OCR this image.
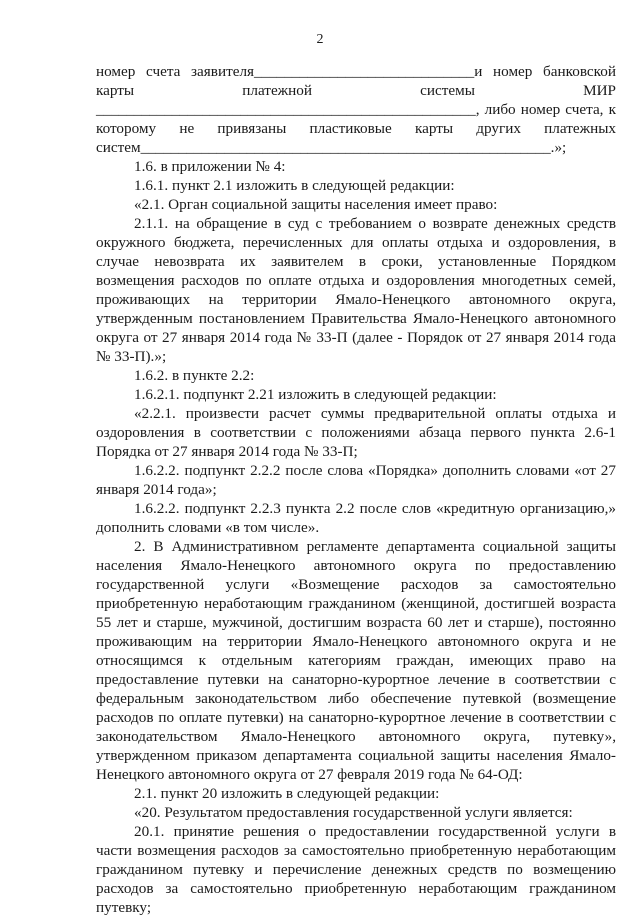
2

номер счета заявителя_____________________________и номер банковской карты платежной системы МИР __________________________________________________, либо номер счета, к которому не привязаны пластиковые карты других платежных систем______________________________________________________.»;

1.6. в приложении № 4:

1.6.1. пункт 2.1 изложить в следующей редакции:

«2.1. Орган социальной защиты населения имеет право:

2.1.1. на обращение в суд с требованием о возврате денежных средств окружного бюджета, перечисленных для оплаты отдыха и оздоровления, в случае невозврата их заявителем в сроки, установленные Порядком возмещения расходов по оплате отдыха и оздоровления многодетных семей, проживающих на территории Ямало-Ненецкого автономного округа, утвержденным постановлением Правительства Ямало-Ненецкого автономного округа от 27 января 2014 года № 33-П (далее - Порядок от 27 января 2014 года № 33-П).»;

1.6.2. в пункте 2.2:

1.6.2.1. подпункт 2.21 изложить в следующей редакции:

«2.2.1. произвести расчет суммы предварительной оплаты отдыха и оздоровления в соответствии с положениями абзаца первого пункта 2.6-1 Порядка от 27 января 2014 года № 33-П;

1.6.2.2. подпункт 2.2.2 после слова «Порядка» дополнить словами «от 27 января 2014 года»;

1.6.2.2. подпункт 2.2.3 пункта 2.2 после слов «кредитную организацию,» дополнить словами «в том числе».

2. В Административном регламенте департамента социальной защиты населения Ямало-Ненецкого автономного округа по предоставлению государственной услуги «Возмещение расходов за самостоятельно приобретенную неработающим гражданином (женщиной, достигшей возраста 55 лет и старше, мужчиной, достигшим возраста 60 лет и старше), постоянно проживающим на территории Ямало-Ненецкого автономного округа и не относящимся к отдельным категориям граждан, имеющих право на предоставление путевки на санаторно-курортное лечение в соответствии с федеральным законодательством либо обеспечение путевкой (возмещение расходов по оплате путевки) на санаторно-курортное лечение в соответствии с законодательством Ямало-Ненецкого автономного округа, путевку», утвержденном приказом департамента социальной защиты населения Ямало-Ненецкого автономного округа от 27 февраля 2019 года № 64-ОД:

2.1. пункт 20 изложить в следующей редакции:

«20. Результатом предоставления государственной услуги является:

20.1. принятие решения о предоставлении государственной услуги в части возмещения расходов за самостоятельно приобретенную неработающим гражданином путевку и перечисление денежных средств по возмещению расходов за самостоятельно приобретенную неработающим гражданином путевку;
